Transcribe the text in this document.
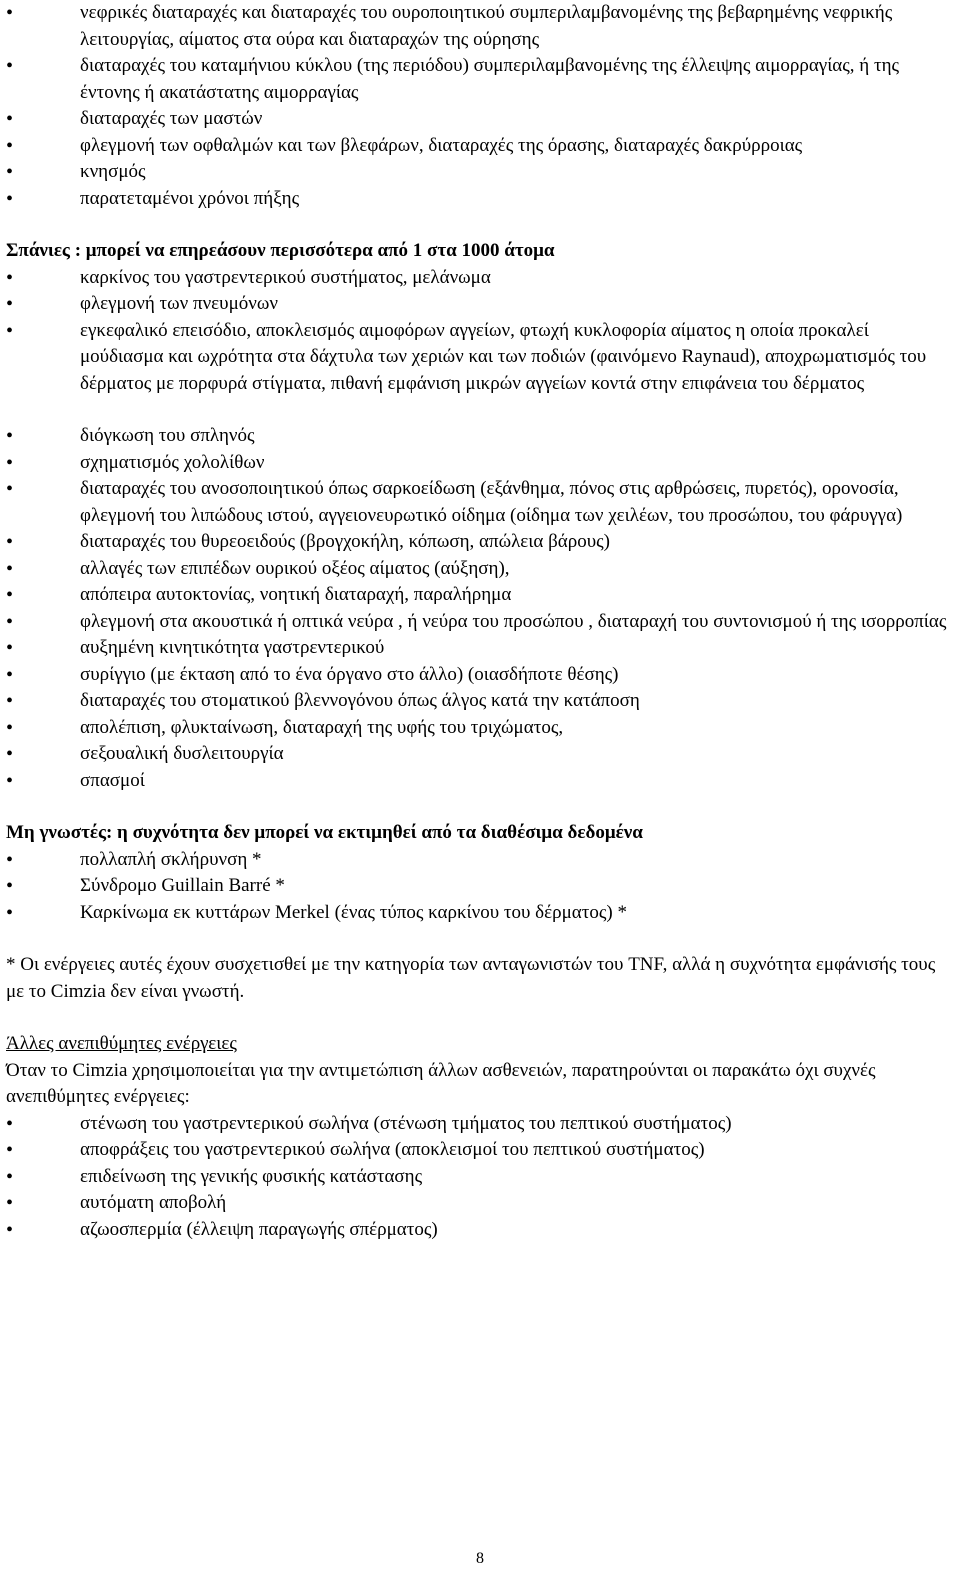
• νεφρικές διαταραχές και διαταραχές του ουροποιητικού συμπεριλαμβανομένης της βεβαρημένης νεφρικής λειτουργίας, αίματος στα ούρα και διαταραχών της ούρησης
• διαταραχές του καταμήνιου κύκλου (της περιόδου) συμπεριλαμβανομένης της έλλειψης αιμορραγίας, ή της έντονης ή ακατάστατης αιμορραγίας
• διαταραχές των μαστών
• φλεγμονή των οφθαλμών και των βλεφάρων, διαταραχές της όρασης, διαταραχές δακρύρροιας
• κνησμός
• παρατεταμένοι χρόνοι πήξης
Σπάνιες : μπορεί να επηρεάσουν περισσότερα από 1 στα 1000 άτομα
• καρκίνος του γαστρεντερικού συστήματος, μελάνωμα
• φλεγμονή των πνευμόνων
• εγκεφαλικό επεισόδιο, αποκλεισμός αιμοφόρων αγγείων, φτωχή κυκλοφορία αίματος η οποία προκαλεί μούδιασμα και ωχρότητα στα δάχτυλα των χεριών και των ποδιών (φαινόμενο Raynaud), αποχρωματισμός του δέρματος με πορφυρά στίγματα, πιθανή εμφάνιση μικρών αγγείων κοντά στην επιφάνεια του δέρματος
• διόγκωση του σπληνός
• σχηματισμός χολολίθων
• διαταραχές του ανοσοποιητικού όπως σαρκοείδωση (εξάνθημα, πόνος στις αρθρώσεις, πυρετός), ορονοσία, φλεγμονή του λιπώδους ιστού, αγγειονευρωτικό οίδημα (οίδημα των χειλέων, του προσώπου, του φάρυγγα)
• διαταραχές του θυρεοειδούς (βρογχοκήλη, κόπωση, απώλεια βάρους)
• αλλαγές των επιπέδων ουρικού οξέος αίματος (αύξηση),
• απόπειρα αυτοκτονίας, νοητική διαταραχή, παραλήρημα
• φλεγμονή στα ακουστικά ή οπτικά νεύρα , ή νεύρα του προσώπου , διαταραχή του συντονισμού ή της ισορροπίας
• αυξημένη κινητικότητα γαστρεντερικού
• συρίγγιο (με έκταση από το ένα όργανο στο άλλο) (οιασδήποτε θέσης)
• διαταραχές του στοματικού βλεννογόνου όπως άλγος κατά την κατάποση
• απολέπιση, φλυκταίνωση, διαταραχή της υφής του τριχώματος,
• σεξουαλική δυσλειτουργία
• σπασμοί
Μη γνωστές: η συχνότητα δεν μπορεί να εκτιμηθεί από τα διαθέσιμα δεδομένα
• πολλαπλή σκλήρυνση *
• Σύνδρομο Guillain Barré *
• Καρκίνωμα εκ κυττάρων Merkel (ένας τύπος καρκίνου του δέρματος) *
* Οι ενέργειες αυτές έχουν συσχετισθεί με την κατηγορία των ανταγωνιστών του TNF, αλλά η συχνότητα εμφάνισής τους με το Cimzia δεν είναι γνωστή.
Άλλες ανεπιθύμητες ενέργειες
Όταν το Cimzia χρησιμοποιείται για την αντιμετώπιση άλλων ασθενειών, παρατηρούνται οι παρακάτω όχι συχνές ανεπιθύμητες ενέργειες:
• στένωση του γαστρεντερικού σωλήνα (στένωση τμήματος του πεπτικού συστήματος)
• αποφράξεις του γαστρεντερικού σωλήνα (αποκλεισμοί του πεπτικού συστήματος)
• επιδείνωση της γενικής φυσικής κατάστασης
• αυτόματη αποβολή
• αζωοσπερμία (έλλειψη παραγωγής σπέρματος)
8
